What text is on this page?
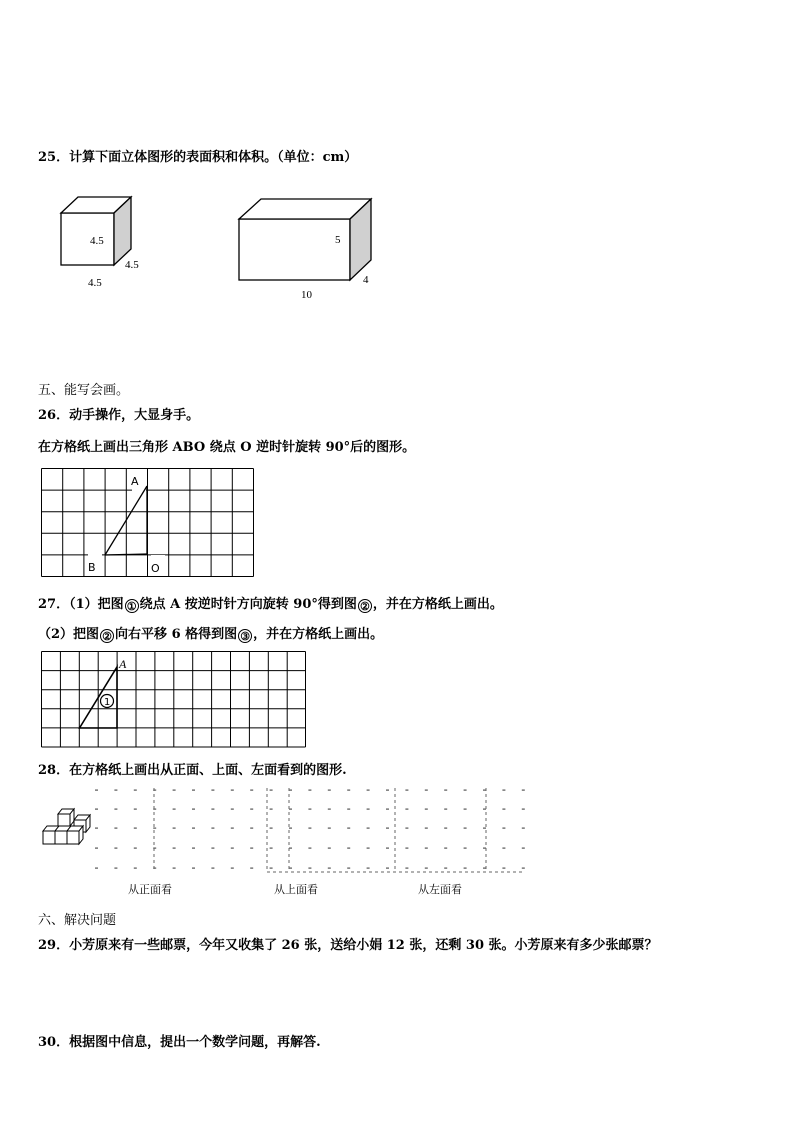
25．计算下面立体图形的表面积和体积。（单位：cm）
4.5
4.5
4.5
5
4
10
五、能写会画。
26．动手操作，大显身手。
在方格纸上画出三角形 ABO 绕点 O 逆时针旋转 90°后的图形。
A
B	O
27．（1）把图 ① 绕点 A 按逆时针方向旋转 90°得到图 ② ，并在方格纸上画出。
（2）把图 ② 向右平移 6 格得到图 ③ ，并在方格纸上画出。
A
1
28．在方格纸上画出从正面、上面、左面看到的图形.
从正面看	从上面看	从左面看
六、解决问题
29．小芳原来有一些邮票，今年又收集了 26 张，送给小娟 12 张，还剩 30 张。小芳原来有多少张邮票？
30．根据图中信息，提出一个数学问题，再解答.
